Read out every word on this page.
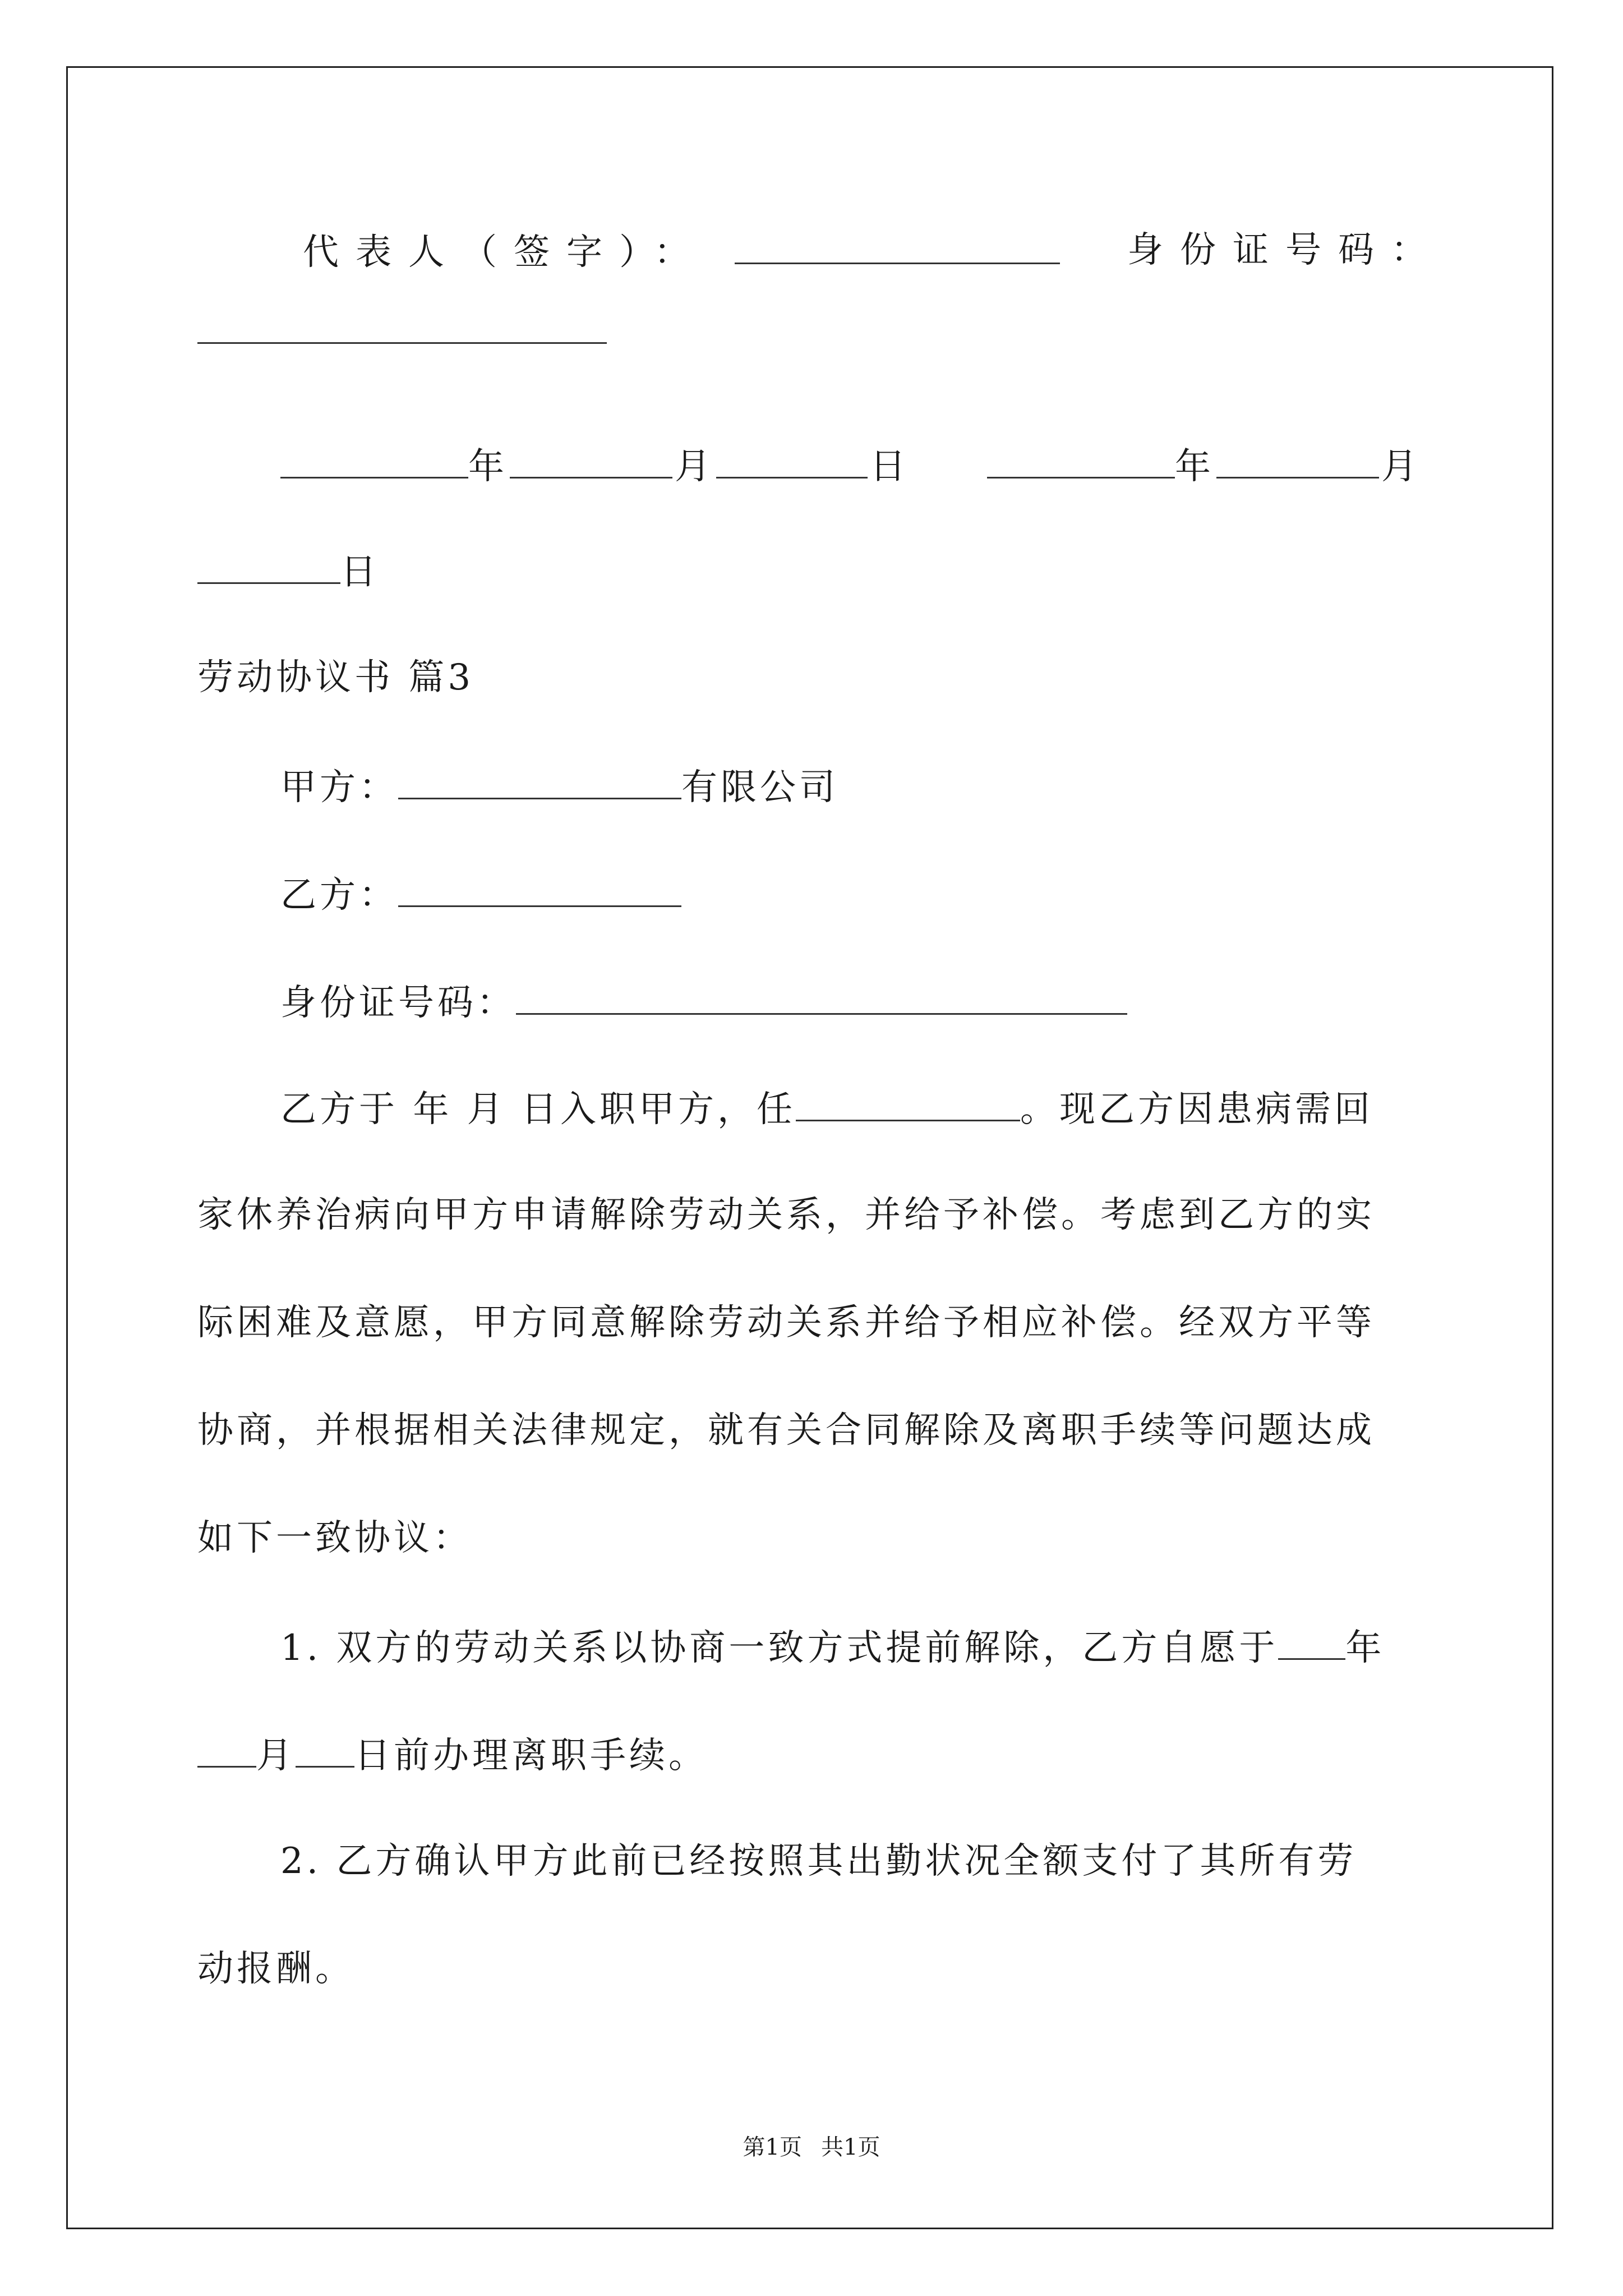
代表人（签字）：	身份证号码：
年	月	日	年	月
日
劳动协议书 篇3
甲方：	有限公司
乙方：
身份证号码：
乙方于 年 月 日入职甲方，任	。现乙方因患病需回
家休养治病向甲方申请解除劳动关系，并给予补偿。考虑到乙方的实
际困难及意愿，甲方同意解除劳动关系并给予相应补偿。经双方平等
协商，并根据相关法律规定，就有关合同解除及离职手续等问题达成
如下一致协议：
1. 双方的劳动关系以协商一致方式提前解除，乙方自愿于 年
月 日前办理离职手续。
2. 乙方确认甲方此前已经按照其出勤状况全额支付了其所有劳
动报酬。
第1页 共1页
